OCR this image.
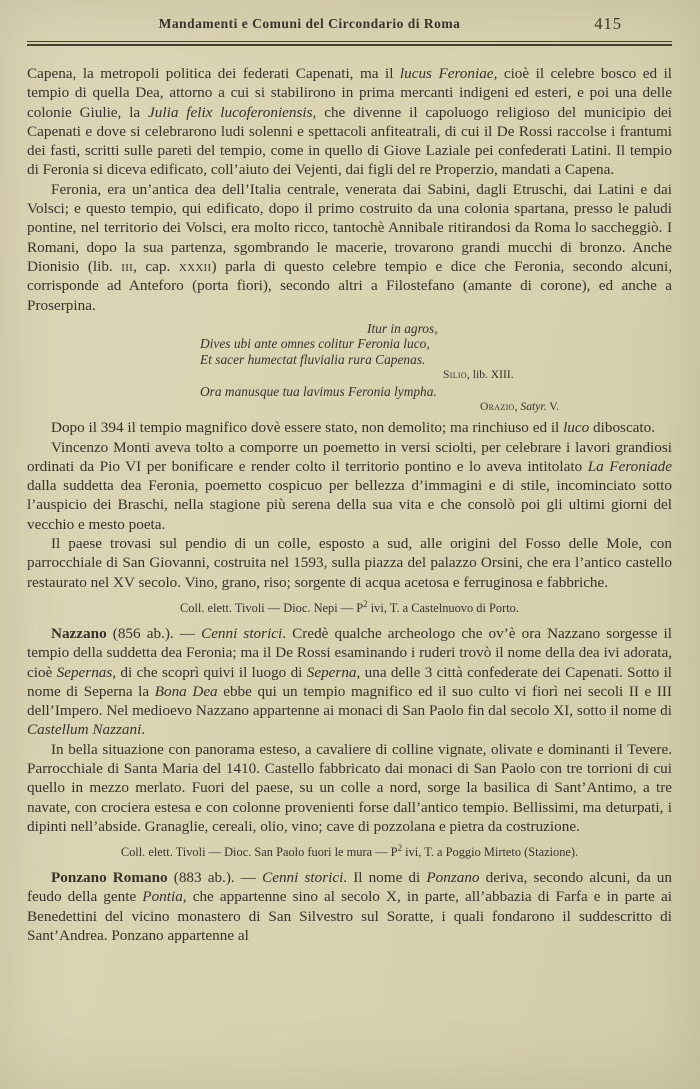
Mandamenti e Comuni del Circondario di Roma	415

Capena, la metropoli politica dei federati Capenati, ma il lucus Feroniae, cioè il celebre bosco ed il tempio di quella Dea, attorno a cui si stabilirono in prima mercanti indigeni ed esteri, e poi una delle colonie Giulie, la Julia felix lucoferoniensis, che divenne il capoluogo religioso del municipio dei Capenati e dove si celebrarono ludi solenni e spettacoli anfiteatrali, di cui il De Rossi raccolse i frantumi dei fasti, scritti sulle pareti del tempio, come in quello di Giove Laziale pei confederati Latini. Il tempio di Feronia si diceva edificato, coll’aiuto dei Vejenti, dai figli del re Properzio, mandati a Capena.

Feronia, era un’antica dea dell’Italia centrale, venerata dai Sabini, dagli Etruschi, dai Latini e dai Volsci; e questo tempio, qui edificato, dopo il primo costruito da una colonia spartana, presso le paludi pontine, nel territorio dei Volsci, era molto ricco, tantochè Annibale ritirandosi da Roma lo saccheggiò. I Romani, dopo la sua partenza, sgombrando le macerie, trovarono grandi mucchi di bronzo. Anche Dionisio (lib. iii, cap. xxxii) parla di questo celebre tempio e dice che Feronia, secondo alcuni, corrisponde ad Anteforo (porta fiori), secondo altri a Filostefano (amante di corone), ed anche a Proserpina.

Itur in agros,
Dives ubi ante omnes colitur Feronia luco,
Et sacer humectat fluvialia rura Capenas.
Silio, lib. XIII.
Ora manusque tua lavimus Feronia lympha.
Orazio, Satyr. V.

Dopo il 394 il tempio magnifico dovè essere stato, non demolito; ma rinchiuso ed il luco diboscato.

Vincenzo Monti aveva tolto a comporre un poemetto in versi sciolti, per celebrare i lavori grandiosi ordinati da Pio VI per bonificare e render colto il territorio pontino e lo aveva intitolato La Feroniade dalla suddetta dea Feronia, poemetto cospicuo per bellezza d’immagini e di stile, incominciato sotto l’auspicio dei Braschi, nella stagione più serena della sua vita e che consolò poi gli ultimi giorni del vecchio e mesto poeta.

Il paese trovasi sul pendio di un colle, esposto a sud, alle origini del Fosso delle Mole, con parrocchiale di San Giovanni, costruita nel 1593, sulla piazza del palazzo Orsini, che era l’antico castello restaurato nel XV secolo. Vino, grano, riso; sorgente di acqua acetosa e ferruginosa e fabbriche.

Coll. elett. Tivoli — Dioc. Nepi — $P^2$ ivi, T. a Castelnuovo di Porto.

Nazzano (856 ab.). — Cenni storici. Credè qualche archeologo che ov’è ora Nazzano sorgesse il tempio della suddetta dea Feronia; ma il De Rossi esaminando i ruderi trovò il nome della dea ivi adorata, cioè Sepernas, di che scoprì quivi il luogo di Seperna, una delle 3 città confederate dei Capenati. Sotto il nome di Seperna la Bona Dea ebbe qui un tempio magnifico ed il suo culto vi fiorì nei secoli II e III dell’Impero. Nel medioevo Nazzano appartenne ai monaci di San Paolo fin dal secolo XI, sotto il nome di Castellum Nazzani.

In bella situazione con panorama esteso, a cavaliere di colline vignate, olivate e dominanti il Tevere. Parrocchiale di Santa Maria del 1410. Castello fabbricato dai monaci di San Paolo con tre torrioni di cui quello in mezzo merlato. Fuori del paese, su un colle a nord, sorge la basilica di Sant’Antimo, a tre navate, con crociera estesa e con colonne provenienti forse dall’antico tempio. Bellissimi, ma deturpati, i dipinti nell’abside. Granaglie, cereali, olio, vino; cave di pozzolana e pietra da costruzione.

Coll. elett. Tivoli — Dioc. San Paolo fuori le mura — $P^2$ ivi, T. a Poggio Mirteto (Stazione).

Ponzano Romano (883 ab.). — Cenni storici. Il nome di Ponzano deriva, secondo alcuni, da un feudo della gente Pontia, che appartenne sino al secolo X, in parte, all’abbazia di Farfa e in parte ai Benedettini del vicino monastero di San Silvestro sul Soratte, i quali fondarono il suddescritto di Sant’Andrea. Ponzano appartenne al
